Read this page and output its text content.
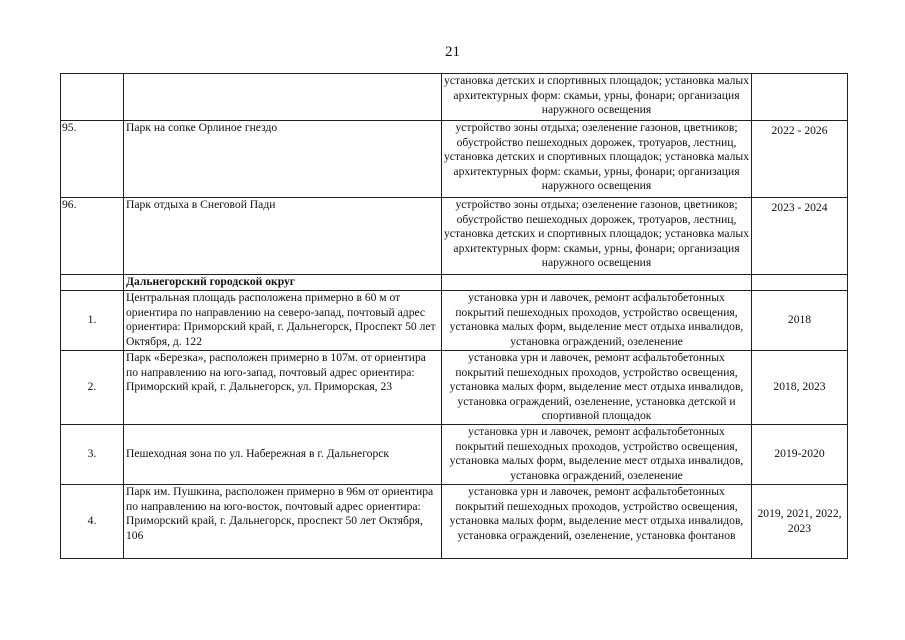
21
		установка детских и спортивных площадок; установка малых архитектурных форм: скамьи, урны, фонари; организация наружного освещения	
95.	Парк на сопке Орлиное гнездо	устройство зоны отдыха; озеленение газонов, цветников; обустройство пешеходных дорожек, тротуаров, лестниц, установка детских и спортивных площадок; установка малых архитектурных форм: скамьи, урны, фонари; организация наружного освещения	2022 - 2026
96.	Парк отдыха в Снеговой Пади	устройство зоны отдыха; озеленение газонов, цветников; обустройство пешеходных дорожек, тротуаров, лестниц, установка детских и спортивных площадок; установка малых архитектурных форм: скамьи, урны, фонари; организация наружного освещения	2023 - 2024
	Дальнегорский городской округ		
1.	Центральная площадь расположена примерно в 60 м от ориентира по направлению на северо-запад, почтовый адрес ориентира: Приморский край, г. Дальнегорск, Проспект 50 лет Октября, д. 122	установка урн и лавочек, ремонт асфальтобетонных покрытий пешеходных проходов, устройство освещения, установка малых форм, выделение мест отдыха инвалидов, установка ограждений, озеленение	2018
2.	Парк «Березка», расположен примерно в 107м. от ориентира по направлению на юго-запад, почтовый адрес ориентира: Приморский край, г. Дальнегорск, ул. Приморская, 23	установка урн и лавочек, ремонт асфальтобетонных покрытий пешеходных проходов, устройство освещения, установка малых форм, выделение мест отдыха инвалидов, установка ограждений, озеленение, установка детской и спортивной площадок	2018, 2023
3.	Пешеходная зона по ул. Набережная в г. Дальнегорск	установка урн и лавочек, ремонт асфальтобетонных покрытий пешеходных проходов, устройство освещения, установка малых форм, выделение мест отдыха инвалидов, установка ограждений, озеленение	2019-2020
4.	Парк им. Пушкина, расположен примерно в 96м от ориентира по направлению на юго-восток, почтовый адрес ориентира: Приморский край, г. Дальнегорск, проспект 50 лет Октября, 106	установка урн и лавочек, ремонт асфальтобетонных покрытий пешеходных проходов, устройство освещения, установка малых форм, выделение мест отдыха инвалидов, установка ограждений, озеленение, установка фонтанов	2019, 2021, 2022, 2023
